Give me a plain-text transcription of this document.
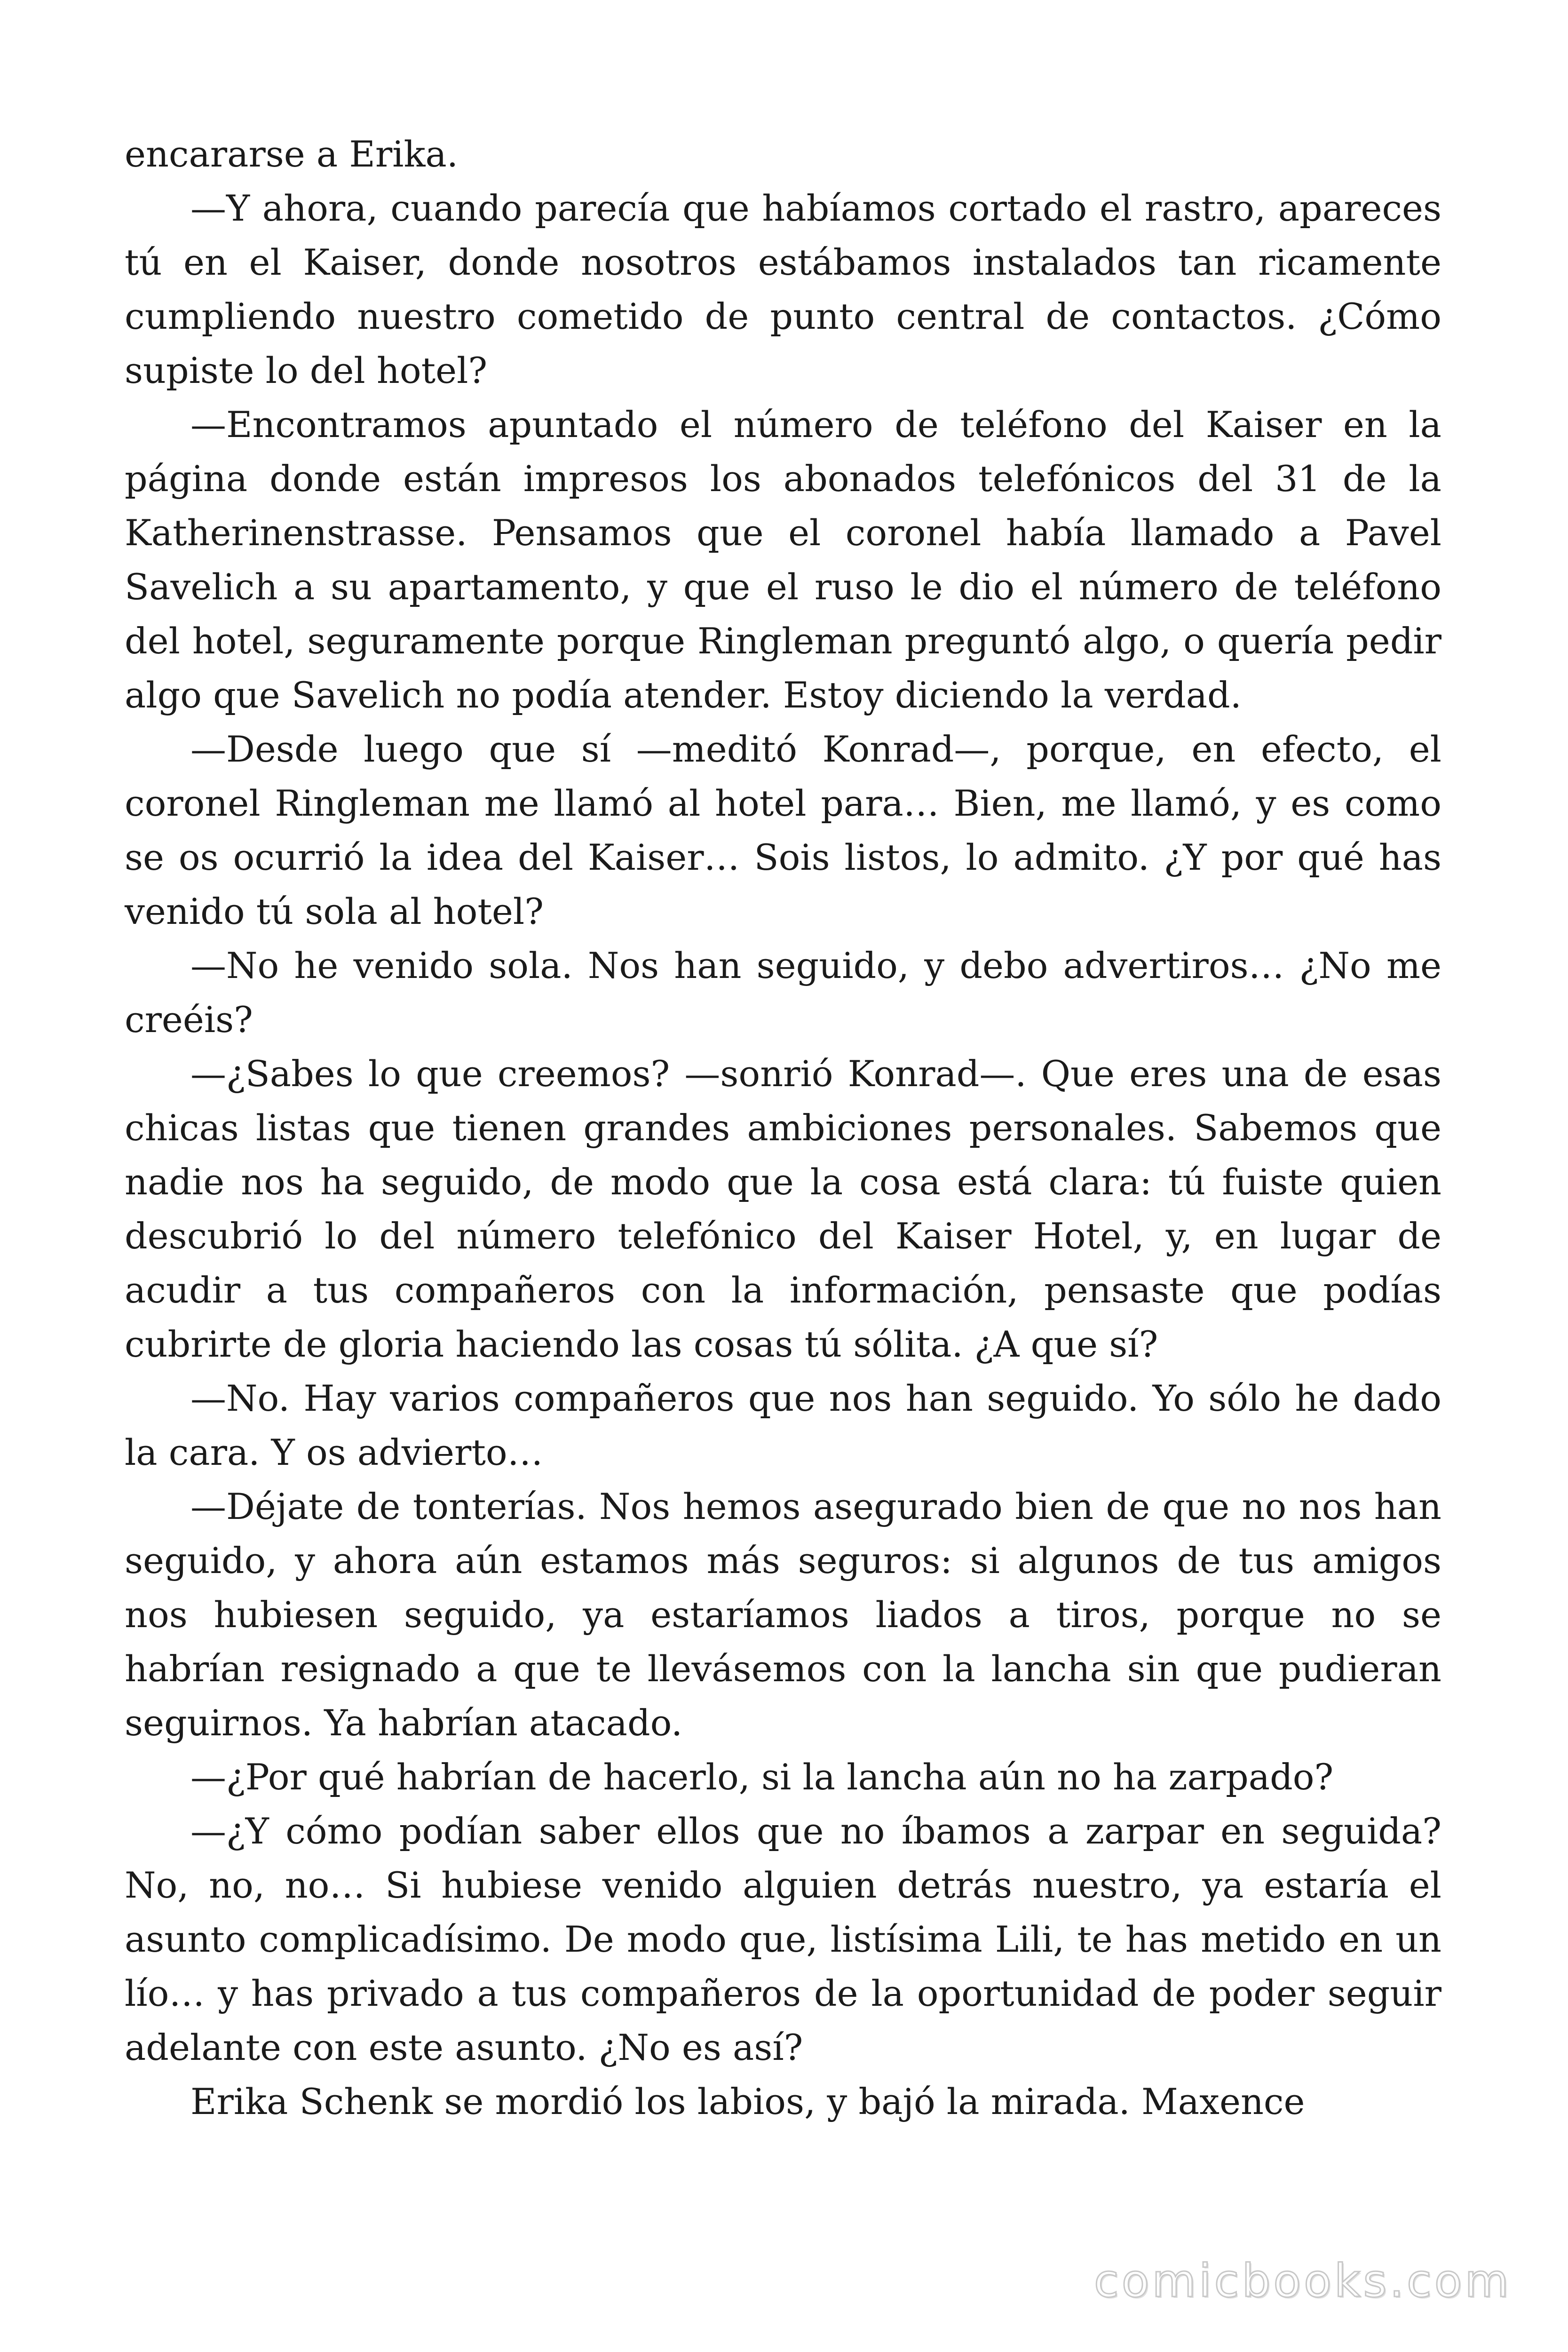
encararse a Erika.

—Y ahora, cuando parecía que habíamos cortado el rastro, apareces tú en el Kaiser, donde nosotros estábamos instalados tan ricamente cumpliendo nuestro cometido de punto central de contactos. ¿Cómo supiste lo del hotel?

—Encontramos apuntado el número de teléfono del Kaiser en la página donde están impresos los abonados telefónicos del 31 de la Katherinenstrasse. Pensamos que el coronel había llamado a Pavel Savelich a su apartamento, y que el ruso le dio el número de teléfono del hotel, seguramente porque Ringleman preguntó algo, o quería pedir algo que Savelich no podía atender. Estoy diciendo la verdad.

—Desde luego que sí —meditó Konrad—, porque, en efecto, el coronel Ringleman me llamó al hotel para… Bien, me llamó, y es como se os ocurrió la idea del Kaiser… Sois listos, lo admito. ¿Y por qué has venido tú sola al hotel?

—No he venido sola. Nos han seguido, y debo advertiros… ¿No me creéis?

—¿Sabes lo que creemos? —sonrió Konrad—. Que eres una de esas chicas listas que tienen grandes ambiciones personales. Sabemos que nadie nos ha seguido, de modo que la cosa está clara: tú fuiste quien descubrió lo del número telefónico del Kaiser Hotel, y, en lugar de acudir a tus compañeros con la información, pensaste que podías cubrirte de gloria haciendo las cosas tú sólita. ¿A que sí?

—No. Hay varios compañeros que nos han seguido. Yo sólo he dado la cara. Y os advierto…

—Déjate de tonterías. Nos hemos asegurado bien de que no nos han seguido, y ahora aún estamos más seguros: si algunos de tus amigos nos hubiesen seguido, ya estaríamos liados a tiros, porque no se habrían resignado a que te llevásemos con la lancha sin que pudieran seguirnos. Ya habrían atacado.

—¿Por qué habrían de hacerlo, si la lancha aún no ha zarpado?

—¿Y cómo podían saber ellos que no íbamos a zarpar en seguida? No, no, no… Si hubiese venido alguien detrás nuestro, ya estaría el asunto complicadísimo. De modo que, listísima Lili, te has metido en un lío… y has privado a tus compañeros de la oportunidad de poder seguir adelante con este asunto. ¿No es así?

Erika Schenk se mordió los labios, y bajó la mirada. Maxence

comicbooks.com
